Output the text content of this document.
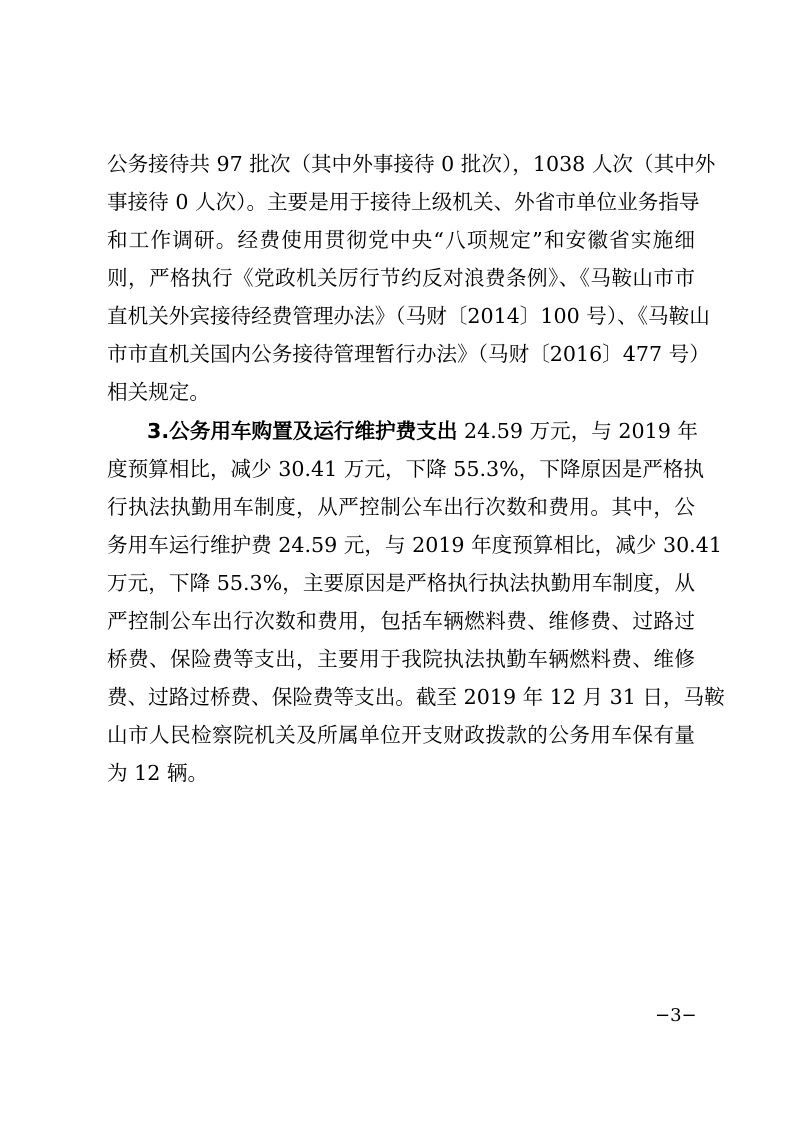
公务接待共 97 批次（其中外事接待 0 批次），1038 人次（其中外
事接待 0 人次）。主要是用于接待上级机关、外省市单位业务指导
和工作调研。经费使用贯彻党中央“八项规定”和安徽省实施细
则，严格执行《党政机关厉行节约反对浪费条例》、《马鞍山市市
直机关外宾接待经费管理办法》（马财〔2014〕100 号）、《马鞍山
市市直机关国内公务接待管理暂行办法》（马财〔2016〕477 号）
相关规定。
3.公务用车购置及运行维护费支出 24.59 万元，与 2019 年
度预算相比，减少 30.41 万元，下降 55.3%，下降原因是严格执
行执法执勤用车制度，从严控制公车出行次数和费用。其中，公
务用车运行维护费 24.59 元，与 2019 年度预算相比，减少 30.41
万元，下降 55.3%，主要原因是严格执行执法执勤用车制度，从
严控制公车出行次数和费用，包括车辆燃料费、维修费、过路过
桥费、保险费等支出，主要用于我院执法执勤车辆燃料费、维修
费、过路过桥费、保险费等支出。截至 2019 年 12 月 31 日，马鞍
山市人民检察院机关及所属单位开支财政拨款的公务用车保有量
为 12 辆。
−3−
